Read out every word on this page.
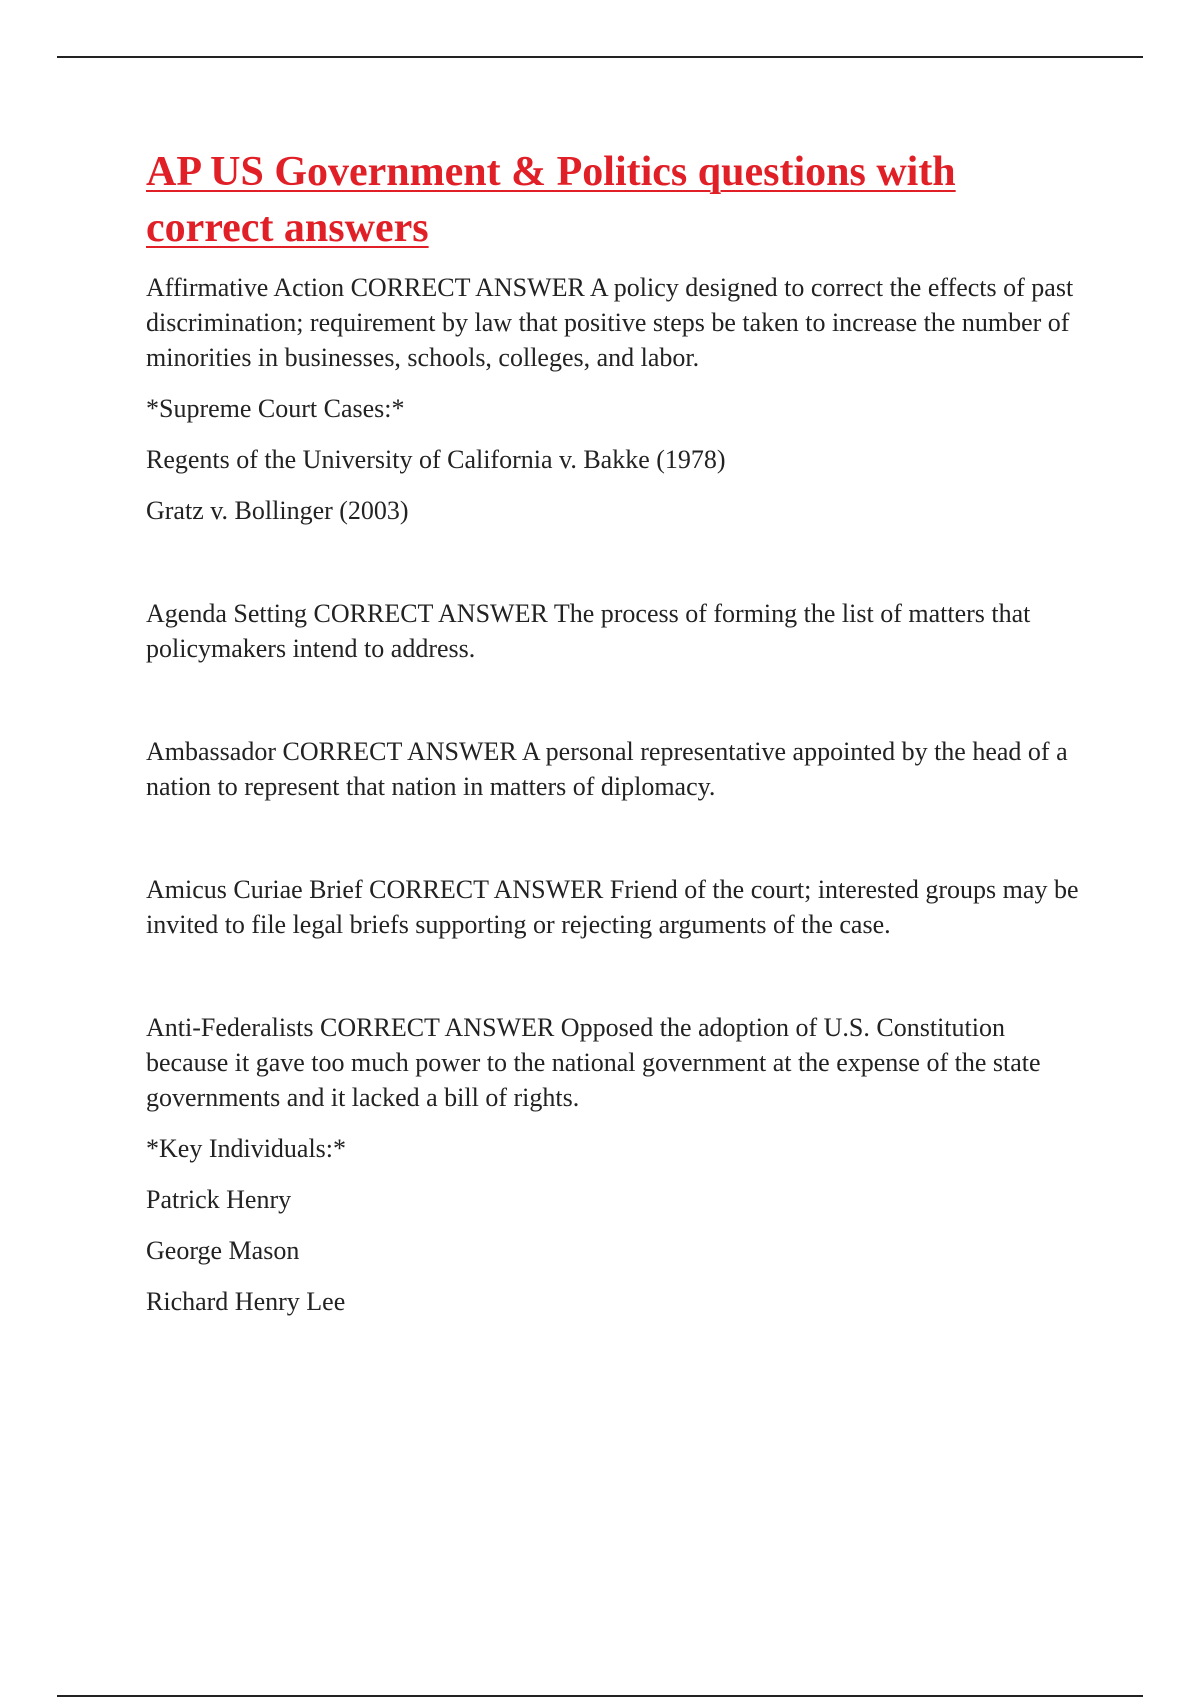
AP US Government & Politics questions with correct answers

Affirmative Action CORRECT ANSWER A policy designed to correct the effects of past discrimination; requirement by law that positive steps be taken to increase the number of minorities in businesses, schools, colleges, and labor.

*Supreme Court Cases:*

Regents of the University of California v. Bakke (1978)

Gratz v. Bollinger (2003)

Agenda Setting CORRECT ANSWER The process of forming the list of matters that policymakers intend to address.

Ambassador CORRECT ANSWER A personal representative appointed by the head of a nation to represent that nation in matters of diplomacy.

Amicus Curiae Brief CORRECT ANSWER Friend of the court; interested groups may be invited to file legal briefs supporting or rejecting arguments of the case.

Anti-Federalists CORRECT ANSWER Opposed the adoption of U.S. Constitution because it gave too much power to the national government at the expense of the state governments and it lacked a bill of rights.

*Key Individuals:*

Patrick Henry

George Mason

Richard Henry Lee
